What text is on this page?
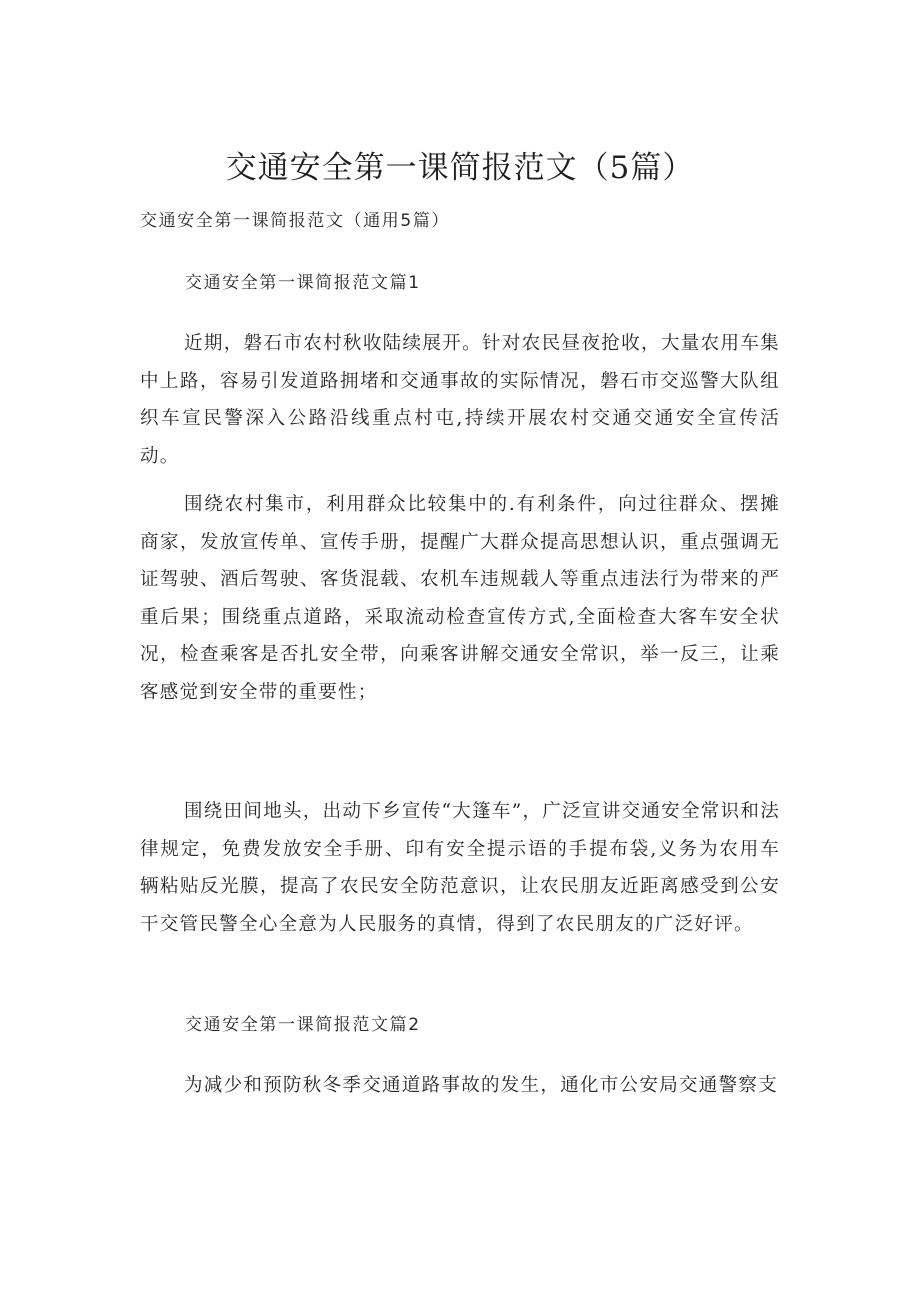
交通安全第一课简报范文（5篇）
交通安全第一课简报范文（通用5篇）
交通安全第一课简报范文篇1

近期，磐石市农村秋收陆续展开。针对农民昼夜抢收，大量农用车集中上路，容易引发道路拥堵和交通事故的实际情况，磐石市交巡警大队组织车宣民警深入公路沿线重点村屯,持续开展农村交通交通安全宣传活动。

围绕农村集市，利用群众比较集中的.有利条件，向过往群众、摆摊商家，发放宣传单、宣传手册，提醒广大群众提高思想认识，重点强调无证驾驶、酒后驾驶、客货混载、农机车违规载人等重点违法行为带来的严重后果；围绕重点道路，采取流动检查宣传方式,全面检查大客车安全状况，检查乘客是否扎安全带，向乘客讲解交通安全常识，举一反三，让乘客感觉到安全带的重要性；

围绕田间地头，出动下乡宣传“大篷车”，广泛宣讲交通安全常识和法律规定，免费发放安全手册、印有安全提示语的手提布袋,义务为农用车辆粘贴反光膜，提高了农民安全防范意识，让农民朋友近距离感受到公安干交管民警全心全意为人民服务的真情，得到了农民朋友的广泛好评。

交通安全第一课简报范文篇2

为减少和预防秋冬季交通道路事故的发生，通化市公安局交通警察支
